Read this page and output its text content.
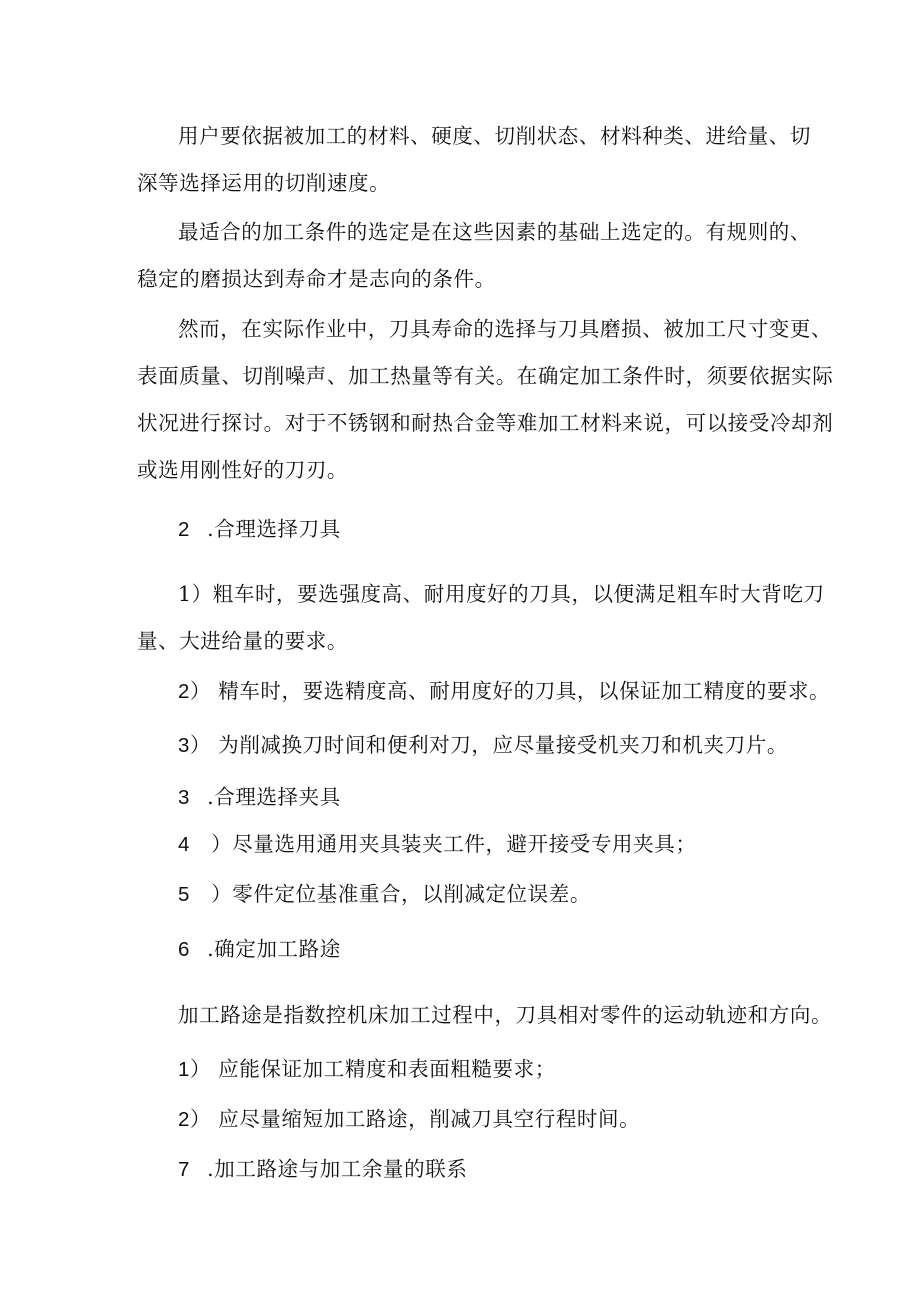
用户要依据被加工的材料、硬度、切削状态、材料种类、进给量、切
深等选择运用的切削速度。
最适合的加工条件的选定是在这些因素的基础上选定的。有规则的、
稳定的磨损达到寿命才是志向的条件。
然而，在实际作业中，刀具寿命的选择与刀具磨损、被加工尺寸变更、
表面质量、切削噪声、加工热量等有关。在确定加工条件时，须要依据实际
状况进行探讨。对于不锈钢和耐热合金等难加工材料来说，可以接受冷却剂
或选用刚性好的刀刃。
2 .合理选择刀具
1）粗车时，要选强度高、耐用度好的刀具，以便满足粗车时大背吃刀
量、大进给量的要求。
2） 精车时，要选精度高、耐用度好的刀具，以保证加工精度的要求。
3） 为削减换刀时间和便利对刀，应尽量接受机夹刀和机夹刀片。
3 .合理选择夹具
4 ）尽量选用通用夹具装夹工件，避开接受专用夹具；
5 ）零件定位基准重合，以削减定位误差。
6 .确定加工路途
加工路途是指数控机床加工过程中，刀具相对零件的运动轨迹和方向。
1） 应能保证加工精度和表面粗糙要求；
2） 应尽量缩短加工路途，削减刀具空行程时间。
7 .加工路途与加工余量的联系
